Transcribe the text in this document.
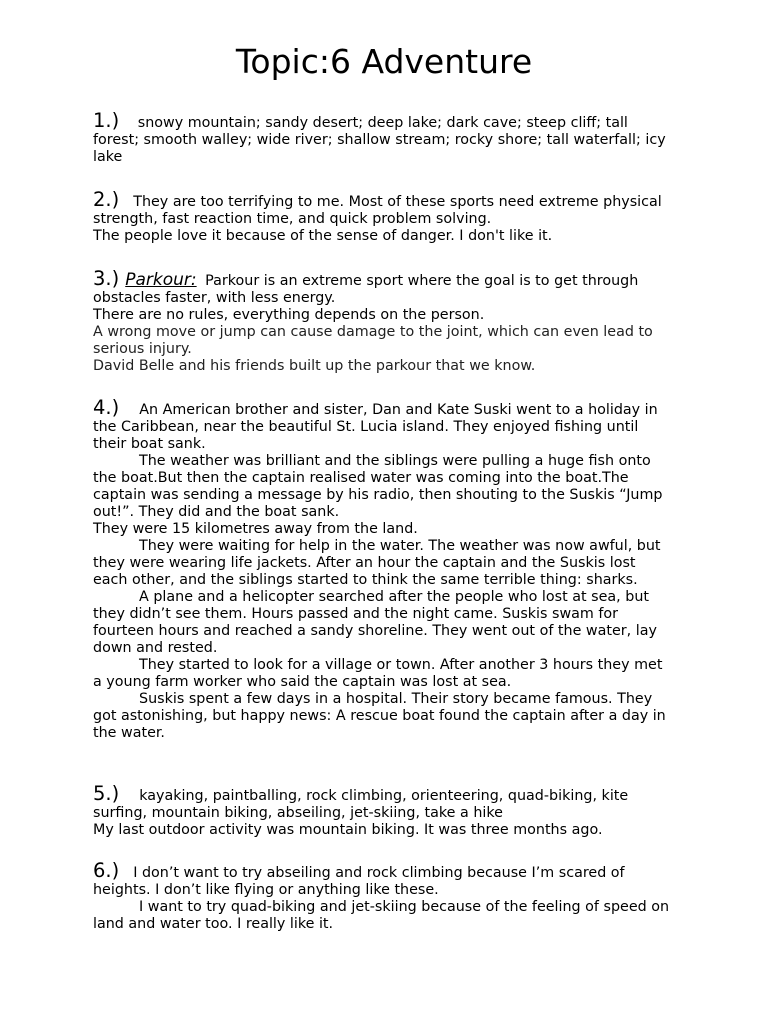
Topic:6 Adventure

1.) snowy mountain; sandy desert; deep lake; dark cave; steep cliff; tall forest; smooth walley; wide river; shallow stream; rocky shore; tall waterfall; icy lake

2.) They are too terrifying to me. Most of these sports need extreme physical strength, fast reaction time, and quick problem solving.

The people love it because of the sense of danger. I don't like it.

3.) Parkour: Parkour is an extreme sport where the goal is to get through obstacles faster, with less energy.

There are no rules, everything depends on the person.

A wrong move or jump can cause damage to the joint, which can even lead to serious injury.

David Belle and his friends built up the parkour that we know.

4.) An American brother and sister, Dan and Kate Suski went to a holiday in the Caribbean, near the beautiful St. Lucia island. They enjoyed fishing until their boat sank.

The weather was brilliant and the siblings were pulling a huge fish onto the boat.But then the captain realised water was coming into the boat.The captain was sending a message by his radio, then shouting to the Suskis “Jump out!”. They did and the boat sank.

They were 15 kilometres away from the land.

They were waiting for help in the water. The weather was now awful, but they were wearing life jackets. After an hour the captain and the Suskis lost each other, and the siblings started to think the same terrible thing: sharks.

A plane and a helicopter searched after the people who lost at sea, but they didn’t see them. Hours passed and the night came. Suskis swam for fourteen hours and reached a sandy shoreline. They went out of the water, lay down and rested.

They started to look for a village or town. After another 3 hours they met a young farm worker who said the captain was lost at sea.

Suskis spent a few days in a hospital. Their story became famous. They got astonishing, but happy news: A rescue boat found the captain after a day in the water.

5.) kayaking, paintballing, rock climbing, orienteering, quad-biking, kite surfing, mountain biking, abseiling, jet-skiing, take a hike

My last outdoor activity was mountain biking. It was three months ago.

6.) I don’t want to try abseiling and rock climbing because I’m scared of heights. I don’t like flying or anything like these.

I want to try quad-biking and jet-skiing because of the feeling of speed on land and water too. I really like it.
